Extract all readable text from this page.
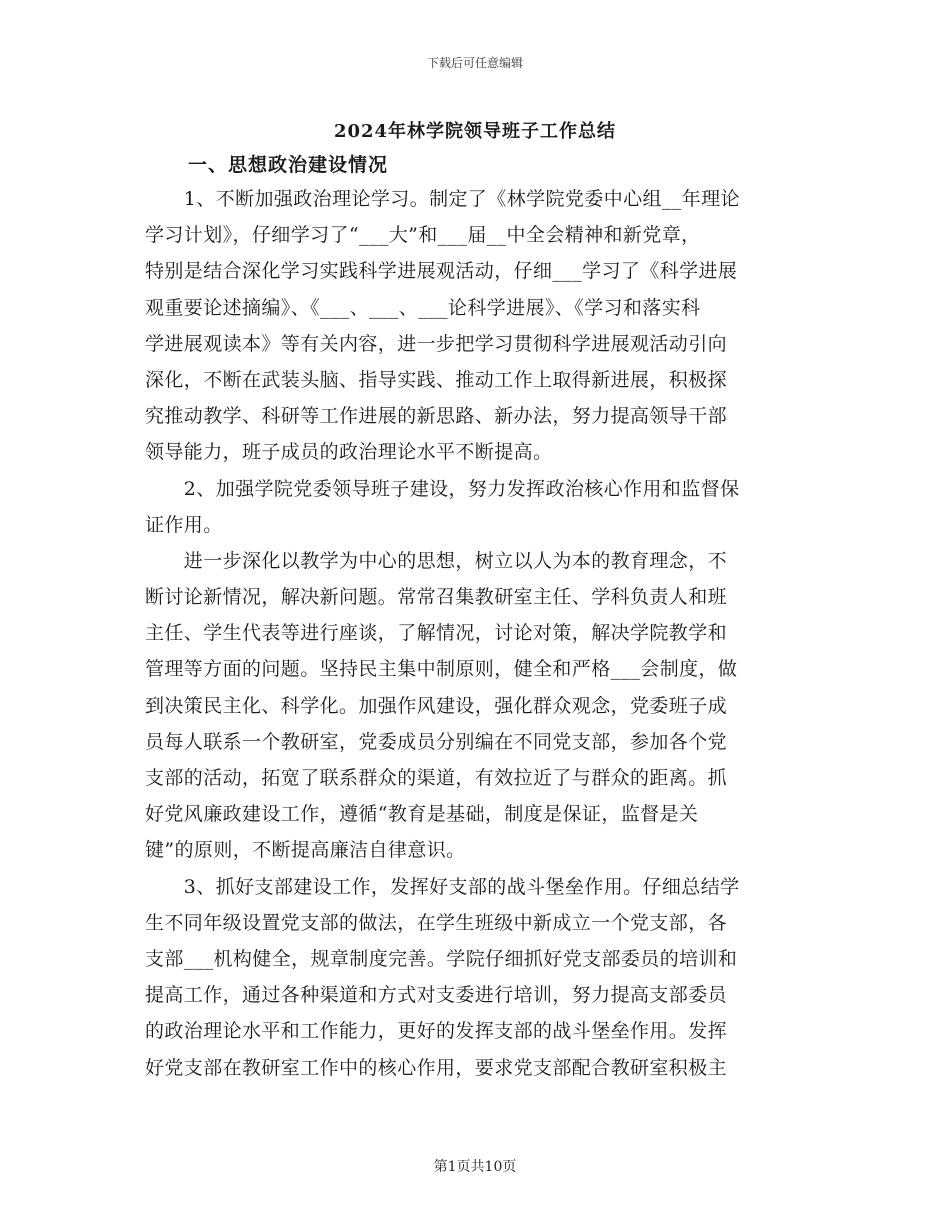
下载后可任意编辑
2024年林学院领导班子工作总结
一、思想政治建设情况
　　1、不断加强政治理论学习。制定了《林学院党委中心组__年理论
学习计划》，仔细学习了“___大”和___届__中全会精神和新党章，
特别是结合深化学习实践科学进展观活动，仔细___学习了《科学进展
观重要论述摘编》、《___、___、___论科学进展》、《学习和落实科
学进展观读本》等有关内容，进一步把学习贯彻科学进展观活动引向
深化，不断在武装头脑、指导实践、推动工作上取得新进展，积极探
究推动教学、科研等工作进展的新思路、新办法，努力提高领导干部
领导能力，班子成员的政治理论水平不断提高。
　　2、加强学院党委领导班子建设，努力发挥政治核心作用和监督保
证作用。
　　进一步深化以教学为中心的思想，树立以人为本的教育理念，不
断讨论新情况，解决新问题。常常召集教研室主任、学科负责人和班
主任、学生代表等进行座谈，了解情况，讨论对策，解决学院教学和
管理等方面的问题。坚持民主集中制原则，健全和严格___会制度，做
到决策民主化、科学化。加强作风建设，强化群众观念，党委班子成
员每人联系一个教研室，党委成员分别编在不同党支部，参加各个党
支部的活动，拓宽了联系群众的渠道，有效拉近了与群众的距离。抓
好党风廉政建设工作，遵循“教育是基础，制度是保证，监督是关
键”的原则，不断提高廉洁自律意识。
　　3、抓好支部建设工作，发挥好支部的战斗堡垒作用。仔细总结学
生不同年级设置党支部的做法，在学生班级中新成立一个党支部，各
支部___机构健全，规章制度完善。学院仔细抓好党支部委员的培训和
提高工作，通过各种渠道和方式对支委进行培训，努力提高支部委员
的政治理论水平和工作能力，更好的发挥支部的战斗堡垒作用。发挥
好党支部在教研室工作中的核心作用，要求党支部配合教研室积极主
第1页共10页
